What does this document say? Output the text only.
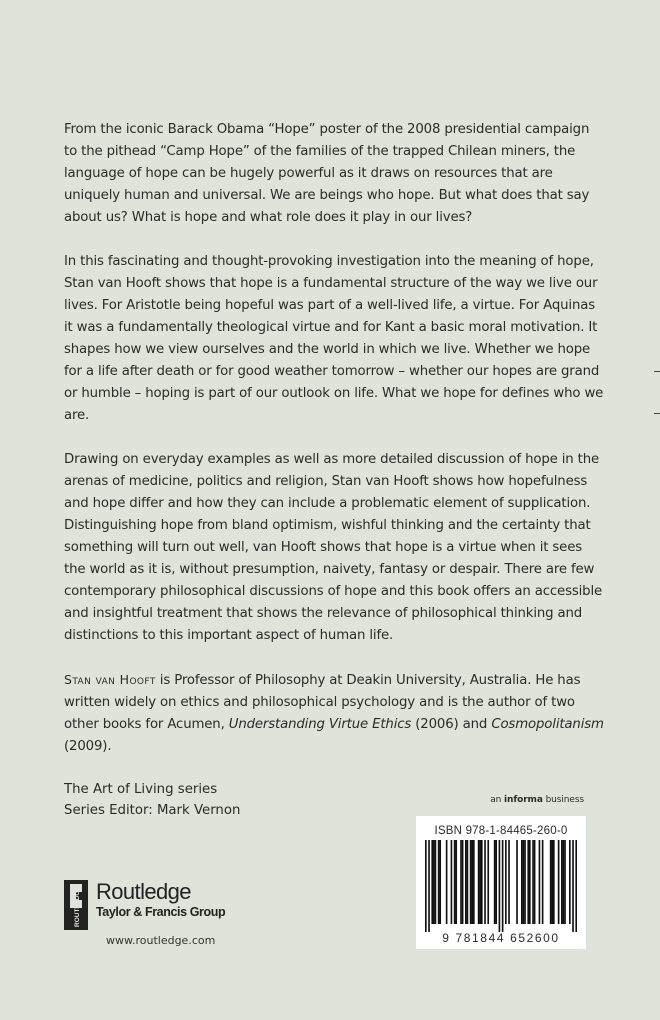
From the iconic Barack Obama “Hope” poster of the 2008 presidential campaign to the pithead “Camp Hope” of the families of the trapped Chilean miners, the language of hope can be hugely powerful as it draws on resources that are uniquely human and universal. We are beings who hope. But what does that say about us? What is hope and what role does it play in our lives?

In this fascinating and thought-provoking investigation into the meaning of hope, Stan van Hooft shows that hope is a fundamental structure of the way we live our lives. For Aristotle being hopeful was part of a well-lived life, a virtue. For Aquinas it was a fundamentally theological virtue and for Kant a basic moral motivation. It shapes how we view ourselves and the world in which we live. Whether we hope for a life after death or for good weather tomorrow – whether our hopes are grand or humble – hoping is part of our outlook on life. What we hope for defines who we are.

Drawing on everyday examples as well as more detailed discussion of hope in the arenas of medicine, politics and religion, Stan van Hooft shows how hopefulness and hope differ and how they can include a problematic element of supplication. Distinguishing hope from bland optimism, wishful thinking and the certainty that something will turn out well, van Hooft shows that hope is a virtue when it sees the world as it is, without presumption, naivety, fantasy or despair. There are few contemporary philosophical discussions of hope and this book offers an accessible and insightful treatment that shows the relevance of philosophical thinking and distinctions to this important aspect of human life.

Stan van Hooft is Professor of Philosophy at Deakin University, Australia. He has written widely on ethics and philosophical psychology and is the author of two other books for Acumen, Understanding Virtue Ethics (2006) and Cosmopolitanism (2009).

The Art of Living series
Series Editor: Mark Vernon
an informa business
ISBN 978-1-84465-260-0
9 781844 652600
ROUTLEDGE Routledge
Taylor & Francis Group
www.routledge.com
